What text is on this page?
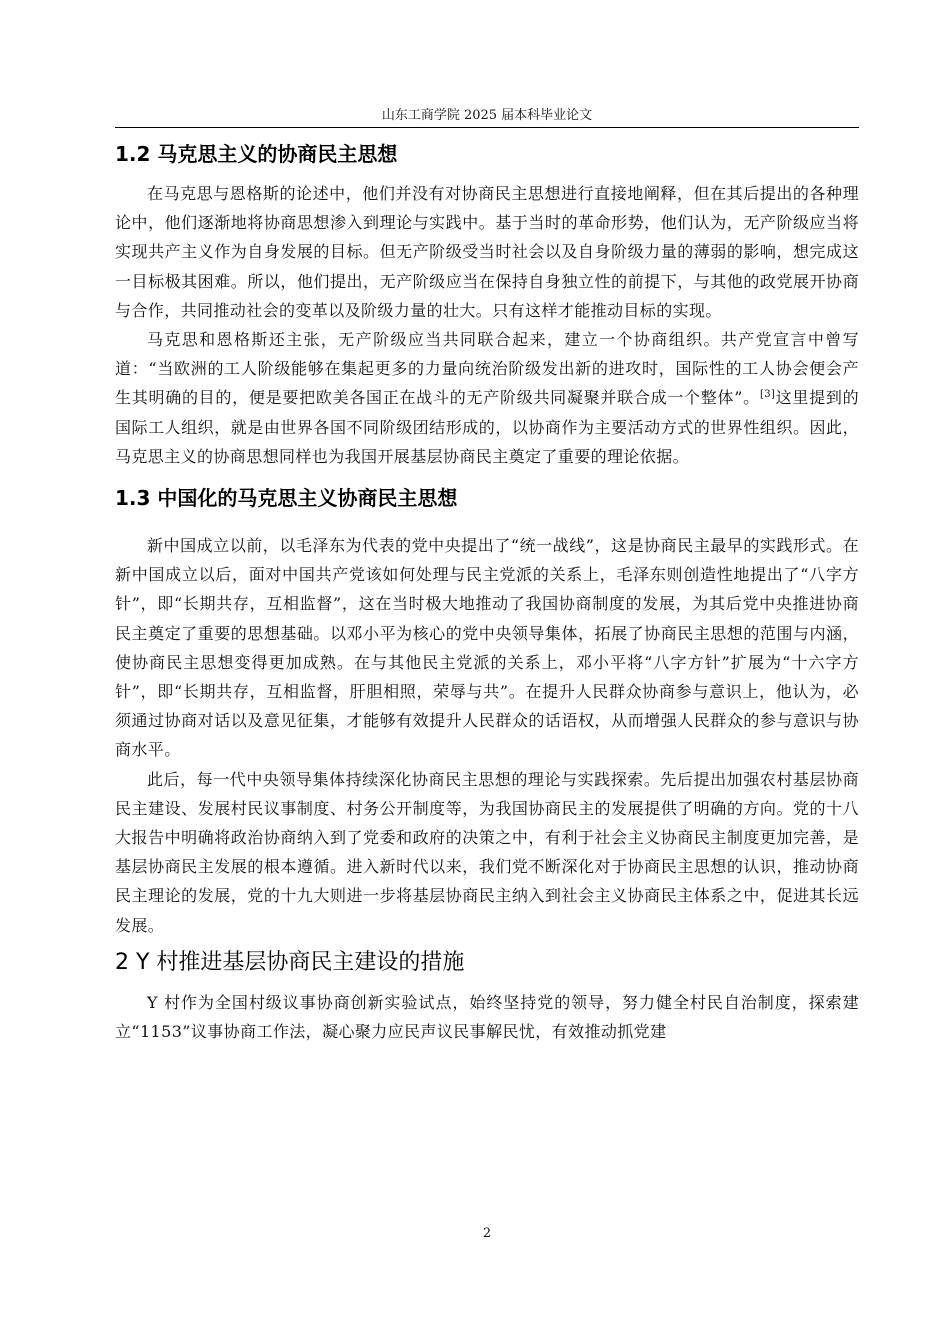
山东工商学院 2025 届本科毕业论文
1.2 马克思主义的协商民主思想

在马克思与恩格斯的论述中，他们并没有对协商民主思想进行直接地阐释，但在其后提出的各种理论中，他们逐渐地将协商思想渗入到理论与实践中。基于当时的革命形势，他们认为，无产阶级应当将实现共产主义作为自身发展的目标。但无产阶级受当时社会以及自身阶级力量的薄弱的影响，想完成这一目标极其困难。所以，他们提出，无产阶级应当在保持自身独立性的前提下，与其他的政党展开协商与合作，共同推动社会的变革以及阶级力量的壮大。只有这样才能推动目标的实现。

马克思和恩格斯还主张，无产阶级应当共同联合起来，建立一个协商组织。共产党宣言中曾写道：“当欧洲的工人阶级能够在集起更多的力量向统治阶级发出新的进攻时，国际性的工人协会便会产生其明确的目的，便是要把欧美各国正在战斗的无产阶级共同凝聚并联合成一个整体”。[3]这里提到的国际工人组织，就是由世界各国不同阶级团结形成的，以协商作为主要活动方式的世界性组织。因此，马克思主义的协商思想同样也为我国开展基层协商民主奠定了重要的理论依据。

1.3 中国化的马克思主义协商民主思想

新中国成立以前，以毛泽东为代表的党中央提出了“统一战线”，这是协商民主最早的实践形式。在新中国成立以后，面对中国共产党该如何处理与民主党派的关系上，毛泽东则创造性地提出了“八字方针”，即“长期共存，互相监督”，这在当时极大地推动了我国协商制度的发展，为其后党中央推进协商民主奠定了重要的思想基础。以邓小平为核心的党中央领导集体，拓展了协商民主思想的范围与内涵，使协商民主思想变得更加成熟。在与其他民主党派的关系上，邓小平将“八字方针”扩展为“十六字方针”，即“长期共存，互相监督，肝胆相照，荣辱与共”。在提升人民群众协商参与意识上，他认为，必须通过协商对话以及意见征集，才能够有效提升人民群众的话语权，从而增强人民群众的参与意识与协商水平。

此后，每一代中央领导集体持续深化协商民主思想的理论与实践探索。先后提出加强农村基层协商民主建设、发展村民议事制度、村务公开制度等，为我国协商民主的发展提供了明确的方向。党的十八大报告中明确将政治协商纳入到了党委和政府的决策之中，有利于社会主义协商民主制度更加完善，是基层协商民主发展的根本遵循。进入新时代以来，我们党不断深化对于协商民主思想的认识，推动协商民主理论的发展，党的十九大则进一步将基层协商民主纳入到社会主义协商民主体系之中，促进其长远发展。

2 Y 村推进基层协商民主建设的措施

Y 村作为全国村级议事协商创新实验试点，始终坚持党的领导，努力健全村民自治制度，探索建立“1153”议事协商工作法，凝心聚力应民声议民事解民忧，有效推动抓党建

2
